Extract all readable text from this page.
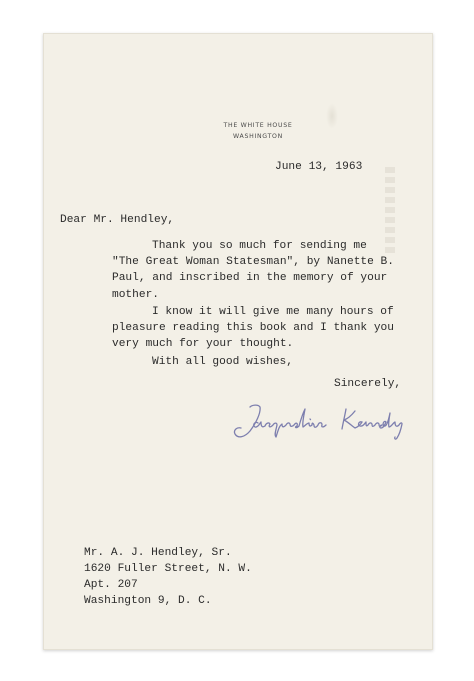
THE WHITE HOUSE
WASHINGTON
June 13, 1963
Dear Mr. Hendley,
Thank you so much for sending me
"The Great Woman Statesman", by Nanette B.
Paul, and inscribed in the memory of your
mother.
I know it will give me many hours of
pleasure reading this book and I thank you
very much for your thought.
With all good wishes,
Sincerely,
Mr. A. J. Hendley, Sr.
1620 Fuller Street, N. W.
Apt. 207
Washington 9, D. C.
